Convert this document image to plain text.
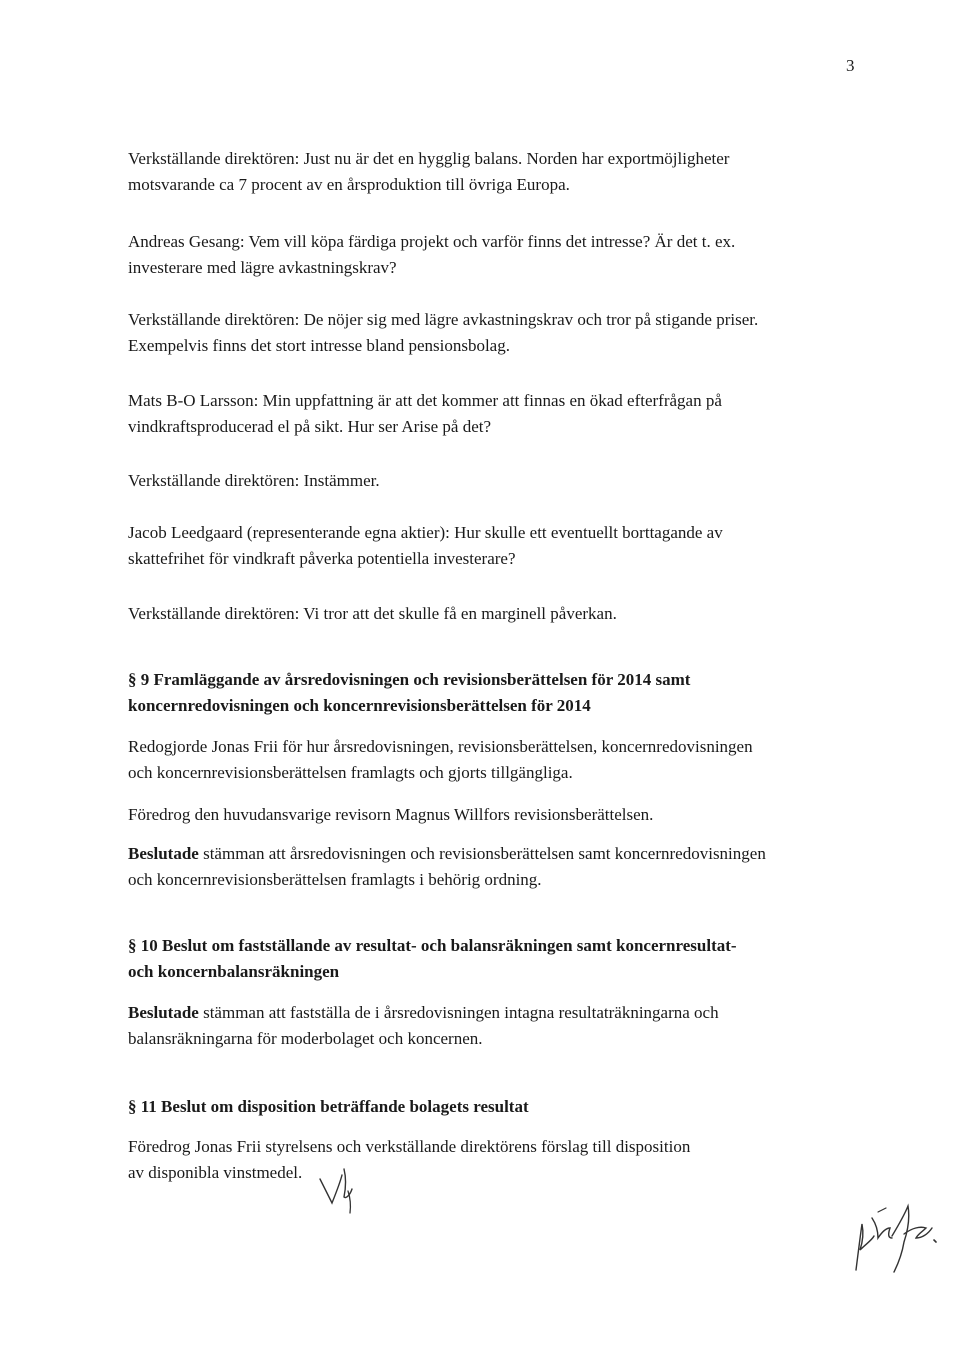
3

Verkställande direktören: Just nu är det en hygglig balans. Norden har exportmöjligheter
motsvarande ca 7 procent av en årsproduktion till övriga Europa.

Andreas Gesang: Vem vill köpa färdiga projekt och varför finns det intresse? Är det t. ex.
investerare med lägre avkastningskrav?

Verkställande direktören: De nöjer sig med lägre avkastningskrav och tror på stigande priser.
Exempelvis finns det stort intresse bland pensionsbolag.

Mats B-O Larsson: Min uppfattning är att det kommer att finnas en ökad efterfrågan på
vindkraftsproducerad el på sikt. Hur ser Arise på det?

Verkställande direktören: Instämmer.

Jacob Leedgaard (representerande egna aktier): Hur skulle ett eventuellt borttagande av
skattefrihet för vindkraft påverka potentiella investerare?

Verkställande direktören: Vi tror att det skulle få en marginell påverkan.

§ 9 Framläggande av årsredovisningen och revisionsberättelsen för 2014 samt
koncernredovisningen och koncernrevisionsberättelsen för 2014

Redogjorde Jonas Frii för hur årsredovisningen, revisionsberättelsen, koncernredovisningen
och koncernrevisionsberättelsen framlagts och gjorts tillgängliga.

Föredrog den huvudansvarige revisorn Magnus Willfors revisionsberättelsen.

Beslutade stämman att årsredovisningen och revisionsberättelsen samt koncernredovisningen
och koncernrevisionsberättelsen framlagts i behörig ordning.

§ 10 Beslut om fastställande av resultat- och balansräkningen samt koncernresultat-
och koncernbalansräkningen

Beslutade stämman att fastställa de i årsredovisningen intagna resultaträkningarna och
balansräkningarna för moderbolaget och koncernen.

§ 11 Beslut om disposition beträffande bolagets resultat

Föredrog Jonas Frii styrelsens och verkställande direktörens förslag till disposition
av disponibla vinstmedel.
